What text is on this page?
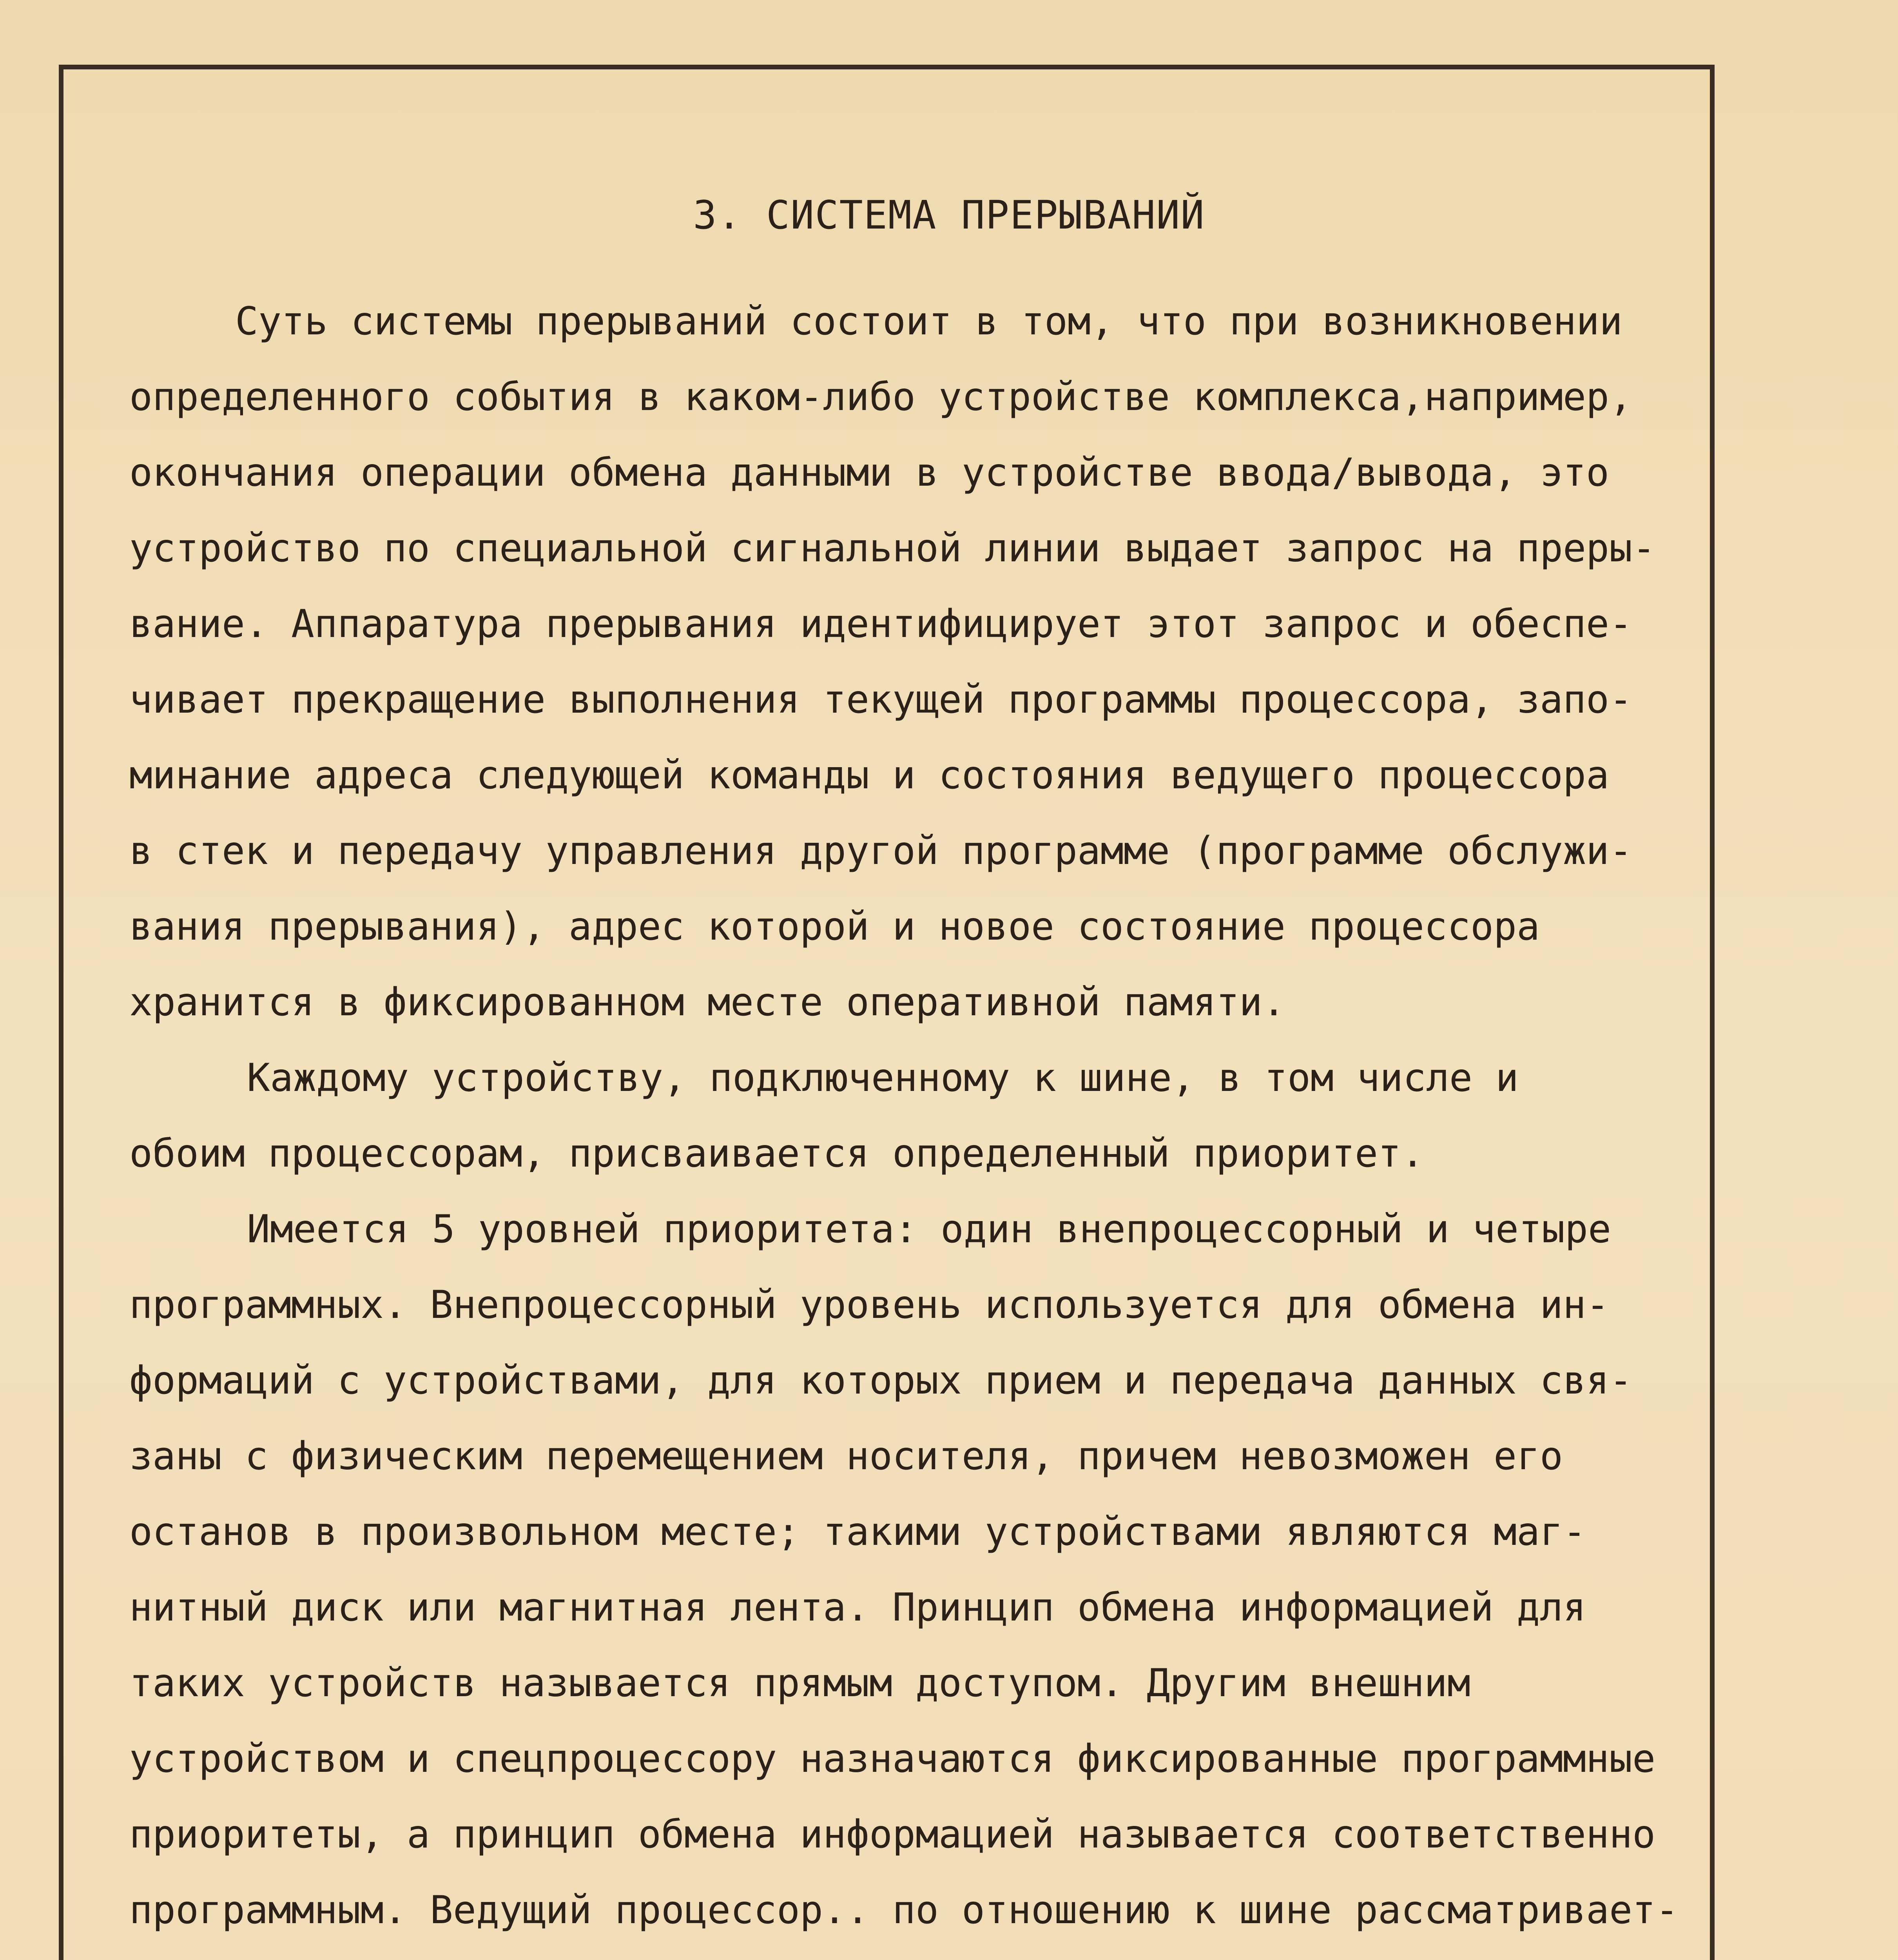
3. СИСТЕМА ПРЕРЫВАНИЙ
Суть системы прерываний состоит в том, что при возникновении
определенного события в каком-либо устройстве комплекса,например,
окончания операции обмена данными в устройстве ввода/вывода, это
устройство по специальной сигнальной линии выдает запрос на преры-
вание. Аппаратура прерывания идентифицирует этот запрос и обеспе-
чивает прекращение выполнения текущей программы процессора, запо-
минание адреса следующей команды и состояния ведущего процессора
в стек и передачу управления другой программе (программе обслужи-
вания прерывания), адрес которой и новое состояние процессора
хранится в фиксированном месте оперативной памяти.
Каждому устройству, подключенному к шине, в том числе и
обоим процессорам, присваивается определенный приоритет.
Имеется 5 уровней приоритета: один внепроцессорный и четыре
программных. Внепроцессорный уровень используется для обмена ин-
формаций с устройствами, для которых прием и передача данных свя-
заны с физическим перемещением носителя, причем невозможен его
останов в произвольном месте; такими устройствами являются маг-
нитный диск или магнитная лента. Принцип обмена информацией для
таких устройств называется прямым доступом. Другим внешним
устройством и спецпроцессору назначаются фиксированные программные
приоритеты, а принцип обмена информацией называется соответственно
программным. Ведущий процессор.. по отношению к шине рассматривает-
